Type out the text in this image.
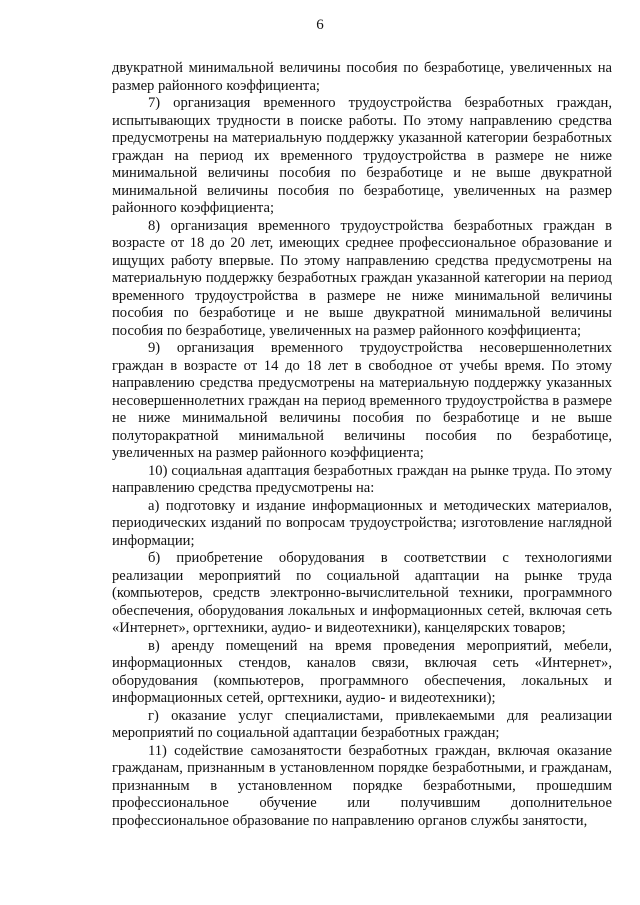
6

двукратной минимальной величины пособия по безработице, увеличенных на размер районного коэффициента;

7) организация временного трудоустройства безработных граждан, испытывающих трудности в поиске работы. По этому направлению средства предусмотрены на материальную поддержку указанной категории безработных граждан на период их временного трудоустройства в размере не ниже минимальной величины пособия по безработице и не выше двукратной минимальной величины пособия по безработице, увеличенных на размер районного коэффициента;

8) организация временного трудоустройства безработных граждан в возрасте от 18 до 20 лет, имеющих среднее профессиональное образование и ищущих работу впервые. По этому направлению средства предусмотрены на материальную поддержку безработных граждан указанной категории на период временного трудоустройства в размере не ниже минимальной величины пособия по безработице и не выше двукратной минимальной величины пособия по безработице, увеличенных на размер районного коэффициента;

9) организация временного трудоустройства несовершеннолетних граждан в возрасте от 14 до 18 лет в свободное от учебы время. По этому направлению средства предусмотрены на материальную поддержку указанных несовершеннолетних граждан на период временного трудоустройства в размере не ниже минимальной величины пособия по безработице и не выше полуторакратной минимальной величины пособия по безработице, увеличенных на размер районного коэффициента;

10) социальная адаптация безработных граждан на рынке труда. По этому направлению средства предусмотрены на:

а) подготовку и издание информационных и методических материалов, периодических изданий по вопросам трудоустройства; изготовление наглядной информации;

б) приобретение оборудования в соответствии с технологиями реализации мероприятий по социальной адаптации на рынке труда (компьютеров, средств электронно-вычислительной техники, программного обеспечения, оборудования локальных и информационных сетей, включая сеть «Интернет», оргтехники, аудио- и видеотехники), канцелярских товаров;

в) аренду помещений на время проведения мероприятий, мебели, информационных стендов, каналов связи, включая сеть «Интернет», оборудования (компьютеров, программного обеспечения, локальных и информационных сетей, оргтехники, аудио- и видеотехники);

г) оказание услуг специалистами, привлекаемыми для реализации мероприятий по социальной адаптации безработных граждан;

11) содействие самозанятости безработных граждан, включая оказание гражданам, признанным в установленном порядке безработными, и гражданам, признанным в установленном порядке безработными, прошедшим профессиональное обучение или получившим дополнительное профессиональное образование по направлению органов службы занятости,
